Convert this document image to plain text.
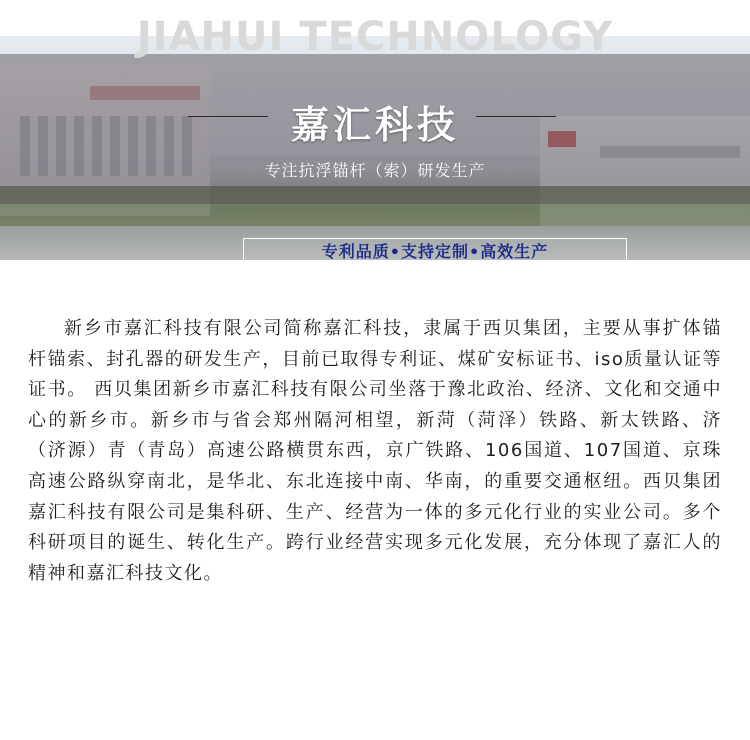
JIAHUI TECHNOLOGY
嘉汇科技
专注抗浮锚杆（索）研发生产
专利品质•支持定制•高效生产
新乡市嘉汇科技有限公司简称嘉汇科技，隶属于西贝集团，主要从事扩体锚杆锚索、封孔器的研发生产，目前已取得专利证、煤矿安标证书、iso质量认证等证书。 西贝集团新乡市嘉汇科技有限公司坐落于豫北政治、经济、文化和交通中心的新乡市。新乡市与省会郑州隔河相望，新菏（菏泽）铁路、新太铁路、济（济源）青（青岛）高速公路横贯东西，京广铁路、106国道、107国道、京珠高速公路纵穿南北，是华北、东北连接中南、华南，的重要交通枢纽。西贝集团嘉汇科技有限公司是集科研、生产、经营为一体的多元化行业的实业公司。多个科研项目的诞生、转化生产。跨行业经营实现多元化发展，充分体现了嘉汇人的精神和嘉汇科技文化。
